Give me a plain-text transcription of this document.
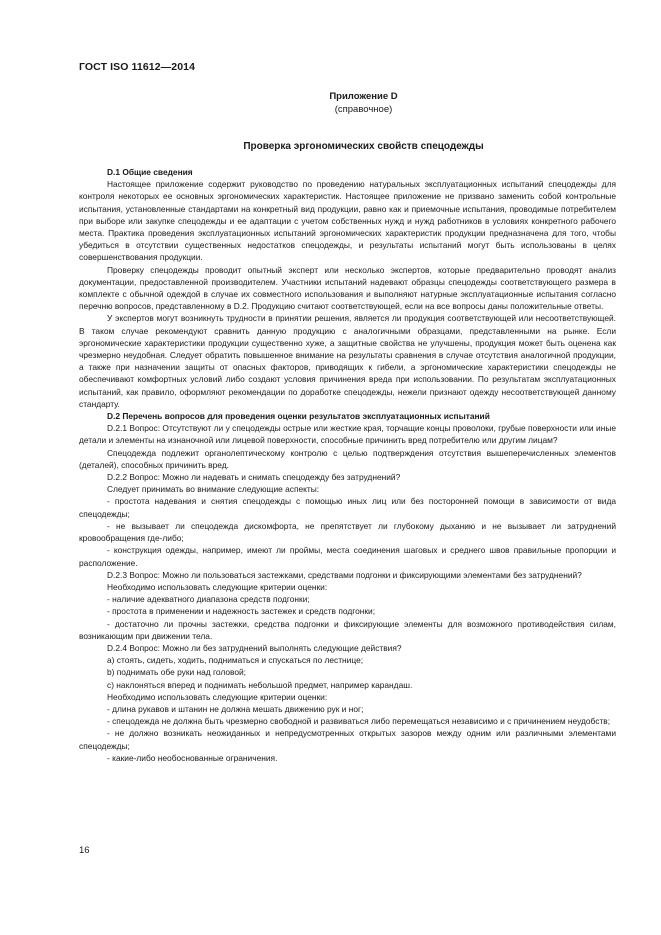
ГОСТ ISO 11612—2014
Приложение D
(справочное)
Проверка эргономических свойств спецодежды

D.1 Общие сведения

Настоящее приложение содержит руководство по проведению натуральных эксплуатационных испытаний спецодежды для контроля некоторых ее основных эргономических характеристик. Настоящее приложение не призвано заменить собой контрольные испытания, установленные стандартами на конкретный вид продукции, равно как и приемочные испытания, проводимые потребителем при выборе или закупке спецодежды и ее адаптации с учетом собственных нужд и нужд работников в условиях конкретного рабочего места. Практика проведения эксплуатационных испытаний эргономических характеристик продукции предназначена для того, чтобы убедиться в отсутствии существенных недостатков спецодежды, и результаты испытаний могут быть использованы в целях совершенствования продукции.

Проверку спецодежды проводит опытный эксперт или несколько экспертов, которые предварительно проводят анализ документации, предоставленной производителем. Участники испытаний надевают образцы спецодежды соответствующего размера в комплекте с обычной одеждой в случае их совместного использования и выполняют натурные эксплуатационные испытания согласно перечню вопросов, представленному в D.2. Продукцию считают соответствующей, если на все вопросы даны положительные ответы.

У экспертов могут возникнуть трудности в принятии решения, является ли продукция соответствующей или несоответствующей. В таком случае рекомендуют сравнить данную продукцию с аналогичными образцами, представленными на рынке. Если эргономические характеристики продукции существенно хуже, а защитные свойства не улучшены, продукция может быть оценена как чрезмерно неудобная. Следует обратить повышенное внимание на результаты сравнения в случае отсутствия аналогичной продукции, а также при назначении защиты от опасных факторов, приводящих к гибели, а эргономические характеристики спецодежды не обеспечивают комфортных условий либо создают условия причинения вреда при использовании. По результатам эксплуатационных испытаний, как правило, оформляют рекомендации по доработке спецодежды, нежели признают одежду несоответствующей данному стандарту.

D.2 Перечень вопросов для проведения оценки результатов эксплуатационных испытаний

D.2.1 Вопрос: Отсутствуют ли у спецодежды острые или жесткие края, торчащие концы проволоки, грубые поверхности или иные детали и элементы на изнаночной или лицевой поверхности, способные причинить вред потребителю или другим лицам?

Спецодежда подлежит органолептическому контролю с целью подтверждения отсутствия вышеперечисленных элементов (деталей), способных причинить вред.

D.2.2 Вопрос: Можно ли надевать и снимать спецодежду без затруднений?

Следует принимать во внимание следующие аспекты:

- простота надевания и снятия спецодежды с помощью иных лиц или без посторонней помощи в зависимости от вида спецодежды;

- не вызывает ли спецодежда дискомфорта, не препятствует ли глубокому дыханию и не вызывает ли затруднений кровообращения где-либо;

- конструкция одежды, например, имеют ли проймы, места соединения шаговых и среднего швов правильные пропорции и расположение.

D.2.3 Вопрос: Можно ли пользоваться застежками, средствами подгонки и фиксирующими элементами без затруднений?

Необходимо использовать следующие критерии оценки:

- наличие адекватного диапазона средств подгонки;

- простота в применении и надежность застежек и средств подгонки;

- достаточно ли прочны застежки, средства подгонки и фиксирующие элементы для возможного противодействия силам, возникающим при движении тела.

D.2.4 Вопрос: Можно ли без затруднений выполнять следующие действия?

a) стоять, сидеть, ходить, подниматься и спускаться по лестнице;

b) поднимать обе руки над головой;

c) наклоняться вперед и поднимать небольшой предмет, например карандаш.

Необходимо использовать следующие критерии оценки:

- длина рукавов и штанин не должна мешать движению рук и ног;

- спецодежда не должна быть чрезмерно свободной и развиваться либо перемещаться независимо и с причинением неудобств;

- не должно возникать неожиданных и непредусмотренных открытых зазоров между одним или различными элементами спецодежды;

- какие-либо необоснованные ограничения.

16
